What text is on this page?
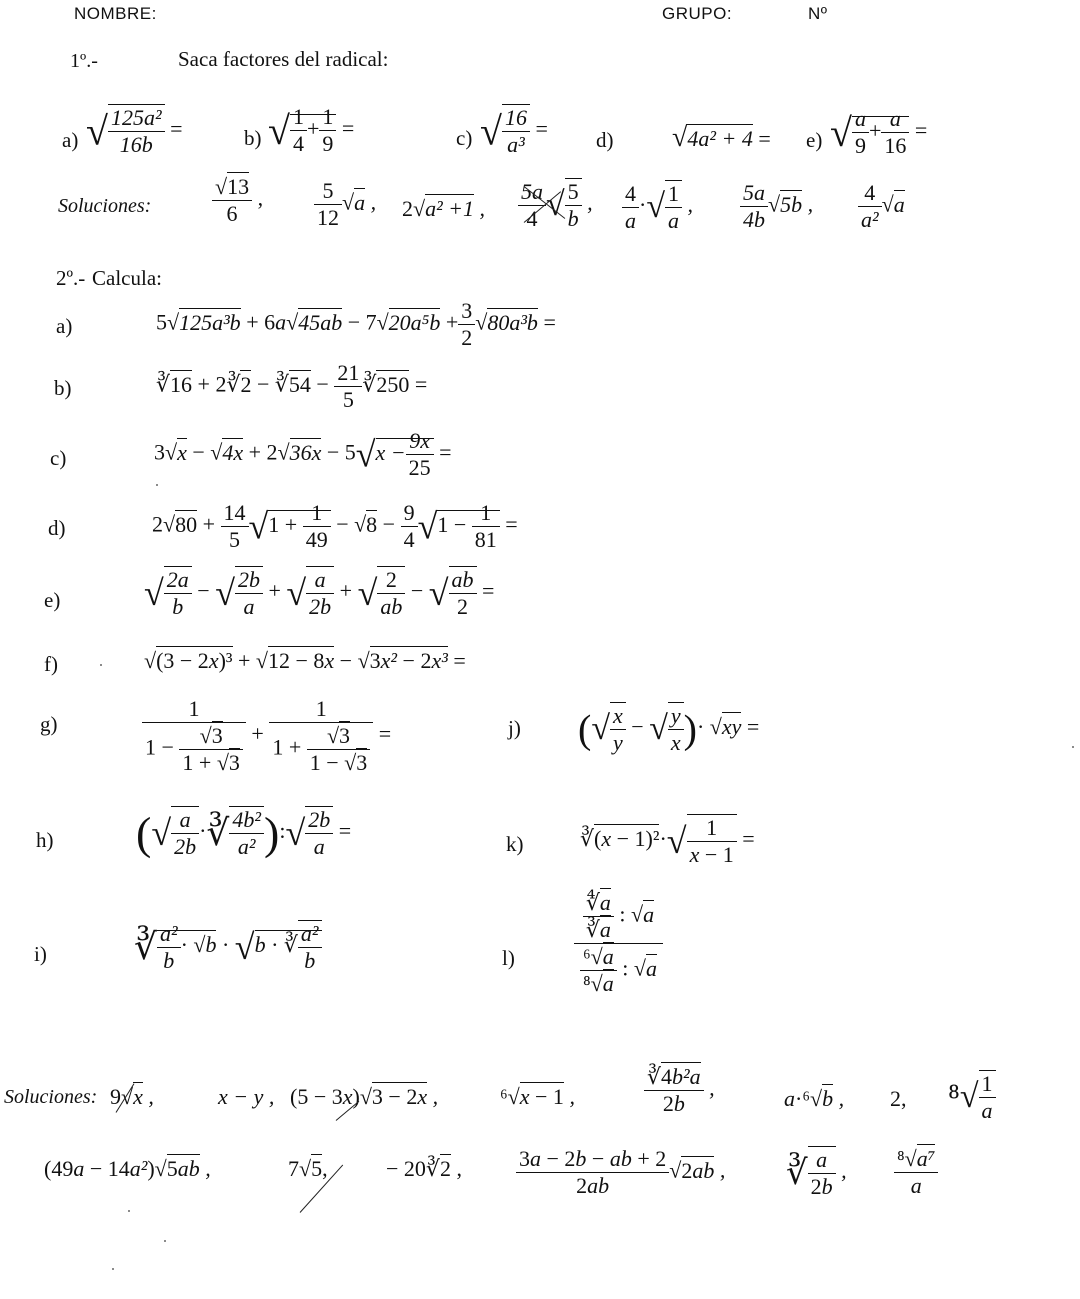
NOMBRE:	GRUPO:	Nº
1º.-	Saca factores del radical:
a) √ $\frac{\text{125a²}}{16b}$ =	b) √ $\frac{1}{4} + \frac{1}{9}$ =	c) √ $\frac{16}{\text{a³}} = d$) √4a² + 4 = e) √ $\frac{a}{9} + \frac{a}{16}$ =
Soluciones:	$\frac{√13}{6}$ , $\frac{5}{12} √a$ , 2√a² +1 , $\frac{5a}{4}$ √ $\frac{5}{b}$ , $\frac{4}{a}$ ·√ $\frac{1}{a}$ , $\frac{5a}{4b} √5b$ , $\frac{4}{\text{a²}} √a$
2º.- Calcula:
a)	$5√125a^3b + 6a√45ab - 7√20a^5b + \frac{3}{2} √80a^3b$ =
b)	∛16 + 2∛2 − ∛54 − $\frac{21}{5}$ ∛250 =
c)	$3√x - √4x + 2√36x - 5√x - \frac{9x}{25}$ =
d)	$2√80 + \frac{14}{5} √1 + \frac{1}{49} - √8 - \frac{9}{4} √1 - \frac{1}{81}$ =
e) √ $\frac{2a}{b}$ − √ $\frac{2b}{a}$ + √ $\frac{a}{2b}$ + √ $\frac{2}{ab}$ − √ $\frac{ab}{2}$ =
f)	√(3 − 2x)³ + √12 − 8x − √3x² − 2x³ =
g)	$\frac{1}{1 - \frac{√3}{1 + √3}} + \frac{1}{1 + \frac{√3}{1 - √3}}$ =	j) (√ $\frac{x}{y}$ − √ $\frac{y}{x}$ )· √xy =
h) (√ $\frac{a}{2b}$ ·∛ $\frac{\text{4b²}}{\text{a²}}$ ):√ $\frac{2b}{a}$ =
k)	∛(x − $1)^2\cdot√ \frac{1}{x - 1}$ =
i) ∛ $\frac{\text{a²}}{b} \cdot √b \cdot √b$ · ∛ $\frac{\text{a²}}{b}$	l)	$\frac{\frac{∜a}{∛a} : √a}{\frac{\text{⁶√a}}{\text{⁸√a}} : √a}$
Soluciones: 9√x ,	x − y , (5 − 3x)√3 − 2x ,	⁶√x − 1 ,	$\frac{\text{∛4b²a}}{2b}$ ,	a·⁶√b , 2, $^8√ \frac{1}{a}$
(49a − 14a²)√5ab ,	7√5,	− 20∛2 , $\frac{3a - 2b - ab + 2}{2ab} √2ab$ , ∛ $\frac{a}{2b}$ , $\frac{\text{⁸√a⁷}}{a}$
